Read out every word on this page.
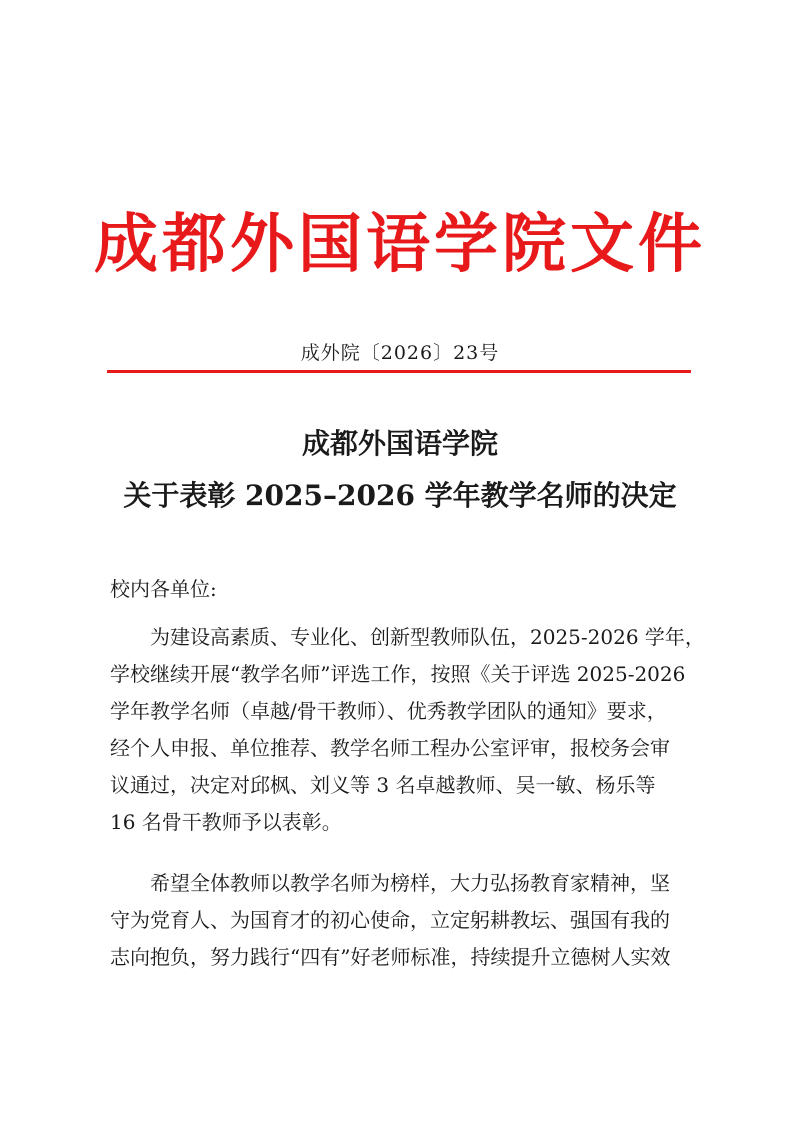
成都外国语学院文件
成外院〔2026〕23号
成都外国语学院
关于表彰 2025–2026 学年教学名师的决定
校内各单位:
　　为建设高素质、专业化、创新型教师队伍，2025-2026 学年，
学校继续开展“教学名师”评选工作，按照《关于评选 2025-2026
学年教学名师（卓越/骨干教师）、优秀教学团队的通知》要求，
经个人申报、单位推荐、教学名师工程办公室评审，报校务会审
议通过，决定对邱枫、刘义等 3 名卓越教师、吴一敏、杨乐等
16 名骨干教师予以表彰。
　　希望全体教师以教学名师为榜样，大力弘扬教育家精神，坚
守为党育人、为国育才的初心使命，立定躬耕教坛、强国有我的
志向抱负，努力践行“四有”好老师标准，持续提升立德树人实效
